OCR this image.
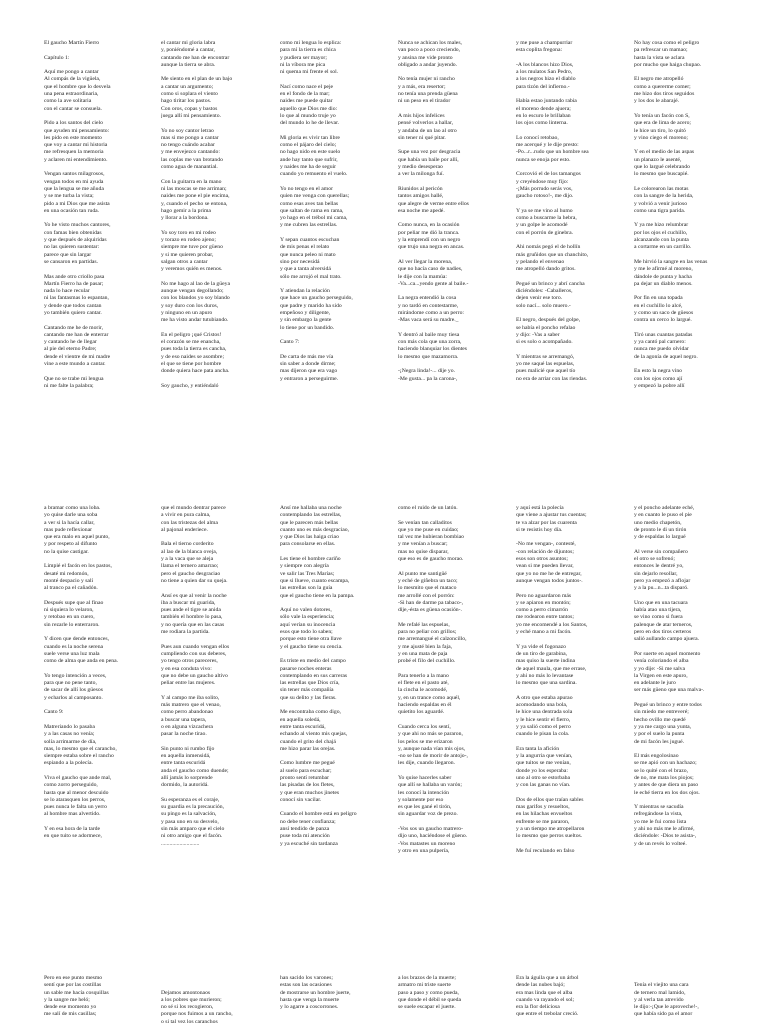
El gaucho Martín Fierro

Capítulo 1:

Aquí me pongo a cantar
Al compás de la vigüela,
que el hombre que lo desvela
una pena estraordinaria,
como la ave solitaria
con el cantar se consuela.

Pido a los santos del cielo
que ayuden mi pensamiento:
les pido en este momento
que voy a cantar mi historia
me refresquen la memoria
y aclaren mi entendimiento.

Vengan santos milagrosos,
vengan todos en mi ayuda
que la lengua se me añuda
y se me turba la vista;
pido a mi Dios que me asista
en una ocasión tan ruda.

Yo he visto muchos cantores,
con famas bien obtenidas
y que después de alquiridas
no las quieren sustentar:
parece que sin largar
se cansaron en partidas.

Mas ande otro criollo pasa
Martín Fierro ha de pasar;
nada lo hace recular
ni las fantasmas lo espantan,
y dende que todos cantan
yo también quiero cantar.

Cantando me he de morir,
cantando me han de enterrar
y cantando he de llegar
al pie del eterno Padre;
dende el vientre de mi madre
vine a este mundo a cantar.

Que no se trabe mi lengua
ni me falte la palabra;
el cantar mi gloria labra
y, poniéndomé a cantar,
cantando me han de encontrar
aunque la tierra se abra.

Me siento en el plan de un bajo
a cantar un argumento;
como si soplara el viento
hago tiritar los pastos.
Con oros, copas y bastos
juega allí mi pensamiento.

Yo no soy cantor letrao
mas si me pongo a cantar
no tengo cuándo acabar
y me envejezco cantando:
las coplas me van brotando
como agua de manantial.

Con la guitarra en la mano
ni las moscas se me arriman;
naides me pone el pie encima,
y, cuando el pecho se entona,
hago gemir a la prima
y llorar a la bordona.

Yo soy toro en mi rodeo
y torazo en rodeo ajeno;
siempre me tuve por güeno
y si me quieren probar,
salgan otros a cantar
y veremos quién es menos.

No me hago al lao de la güeya
aunque vengan degollando;
con los blandos yo soy blando
y soy duro con los duros,
y ninguno en un apuro
me ha visto andar tutubiando.

En el peligro ¡qué Cristos!
el corazón se me enancha,
pues toda la tierra es cancha,
y de eso naides se asombre;
el que se tiene por hombre
donde quiera hace pata ancha.

Soy gaucho, y entiéndaló
como mi lengua lo esplica:
para mí la tierra es chica
y pudiera ser mayor;
ni la víbora me pica
ni quema mi frente el sol.

Nací como nace el peje
en el fondo de la mar;
naides me puede quitar
aquello que Dios me dio:
lo que al mundo truje yo
del mundo lo he de llevar.

Mi gloria es vivir tan libre
como el pájaro del cielo;
no hago nido en este suelo
ande hay tanto que sufrir,
y naides me ha de seguir
cuando yo remuento el vuelo.

Yo no tengo en el amor
quien me venga con querellas;
como esas aves tan bellas
que saltan de rama en rama,
yo hago en el trébol mi cama,
y me cubren las estrellas.

Y sepan cuantos escuchan
de mis penas el relato
que nunca peleo ni mato
sino por necesidá
y que a tanta alversidá
sólo me arrojó el mal trato.

Y atiendan la relación
que hace un gaucho perseguido,
que padre y marido ha sido
empeñoso y diligente,
y sin embargo la gente
lo tiene por un bandido.

Canto 7:

De carta de más me vía
sin saber a donde dirme;
mas dijeron que era vago
y entraron a perseguirme.
Nunca se achican los males,
van poco a poco creciendo,
y ansina me vide pronto
obligado a andar juyendo.

No tenía mujer ni rancho
y a más, era resertor;
no tenía una prenda güena
ni un peso en el tirador

A mis hijos infelices
pensé volverlos a hallar,
y andaba de un lao al otro
sin tener ni qué pitar.

Supe una vez por desgracia
que había un baile por allí,
y medio desesperao
a ver la milonga fuí.

Riunidos al pericón
tantos amigos hallé,
que alegre de verme entre ellos
esa noche me apedé.

Como nunca, en la ocasión
por peliar me dió la tranca.
y la emprendí con un negro
que trujo una negra en ancas.

Al ver llegar la morena,
que no hacía caso de nadies,
le dije con la mamúa:
-Va...ca...yendo gente al baile.-

La negra entendió la cosa
y no tardó en contestarme,
mirándome como a un perro:
-Mas vaca será su madre._

Y dentró al baile muy tiesa
con más cola que una zorra,
haciendo blanquiar los dientes
lo mesmo que mazamorra.

-¡Negra linda!-... dije yo.
-Me gusta... pa la carona-,
y me puse a champurriar
esta coplita fregona:

-A los blancos hizo Dios,
a los mulatos San Pedro,
a los negros hizo el diablo
para tizón del infierno.-

Había estao juntando rabia
el moreno dende ajuera;
en lo escuro le brillaban
los ojos como linterna.

Lo conocí retobao,
me acerqué y le dije presto:
-Po...r...rudo que un hombre sea
nunca se enoja por esto.

Corcovió el de los tamangos
y creyéndose muy fijo:
-¡Más porrudo serás vos,
gaucho rotoso!-, me dijo.

Y ya se me vino al humo
como a buscarme la hebra,
y un golpe le acomodé
con el porrón de ginebra.

Ahi nomás pegó el de hollín
más gruñidos que un chanchito,
y pelando el envenao
me atropelló dando gritos.

Pegué un brinco y abrí cancha
diciéndoles: -Caballeros,
dejen venir ese toro.
solo nací... solo muero.-

El negro, después del golpe,
se había el poncho refalao
y dijo: -Vas a saber
si es solo o acompañado.

Y mientras se arremangó,
yo me saqué las espuelas,
pues malicié que aquel tío
no era de arriar con las riendas.
No hay cosa como el peligro
pa refrescar un mamao;
hasta la vista se aclara
por mucho que haiga chupao.

El negro me atropelló
como a quererme comer;
me hizo dos tiros seguidos
y los dos le abarajé.

Yo tenía un facón con S,
que era de lima de acero;
le hice un tiro, lo quitó
y vino ciego el moreno;

Y en el medio de las aspas
un planazo le asenté,
que lo largué celebrando
lo mesmo que buscapié.

Le colorearon las motas
con la sangre de la herida,
y volvió a venir jurioso
como una tigra parida.

Y ya me hizo relumbrar
por los ojos el cuchillo,
alcanzando con la punta
a cortarme en un carrillo.

Me hirvió la sangre en las venas
y me le afirmé al moreno,
dándole de punta y hacha
pa dejar un diablo menos.

Por fin en una topada
en el cuchillo lo alcé,
y como un saco de güesos
contra un cerco lo largué.

Tiró unas cuantas patadas
y ya cantó pal carnero:
nunca me puedo olvidar
de la agonía de aquel negro.

En esto la negra vino
con los ojos como ají
y empezó la pobre allí
a bramar como una loba.
yo quise darle una soba
a ver si la hacía callar,
mas pude reflexionar
que era malo en aquel punto,
y por respeto al difunto
no la quise castigar.

Limpié el facón en los pastos,
desaté mi redomón,
monté despacio y salí
al tranco pa el cañadón.

Después supe que al finao
ni siquiera lo velaron,
y retobao en un cuero,
sin rezarle lo enterraron.

Y dicen que dende entonces,
cuando es la noche serena
suele verse una luz mala
como de alma que anda en pena.

Yo tengo intención a veces,
para que no pene tanto,
de sacar de allí los güesos
y echarlos al camposanto.

Canto 9:

Matreriando lo pasaba
y a las casas no venía;
solía arrimarme de día,
mas, lo mesmo que el carancho,
siempre estaba sobre el rancho
espiando a la polecía.

Viva el gaucho que ande mal,
como zorro perseguido,
hasta que al menor descuido
se lo atarasquen los perros,
pues nunca le falta un yerro
al hombre mas alvertido.

Y en esa hora de la tarde
en que tuito se adormece,
que el mundo dentrar parece
a vivir en pura calma,
con las tristezas del alma
al pajonal enderiece.

Bala el tierno corderito
al lao de la blanca oveja,
y a la vaca que se aleja
llama el ternero amarrao;
pero el gaucho desgraciao
no tiene a quien dar su queja.

Ansí es que al venir la noche
iba a buscar mi guarida,
pues ande el tigre se anida
también el hombre lo pasa,
y no quería que en las casas
me rodiara la partida.

Pues aun cuando vengan ellos
cumpliendo con sus deberes,
yo tengo otros pareceres,
y en esa conduta vivo:
que no debe un gaucho altivo
peliar entre las mujeres.

Y al campo me iba solito,
más matrero que el venao,
como perro abandonao
a buscar una tapera,
o en alguna vizcachera
pasar la noche tirao.

Sin punto ni rumbo fijo
en aquella inmensidá,
entre tanta escuridá
anda el gaucho como duende;
allí jamás lo sorprende
dormido, la autoridá.

Su esperanza es el coraje,
su guardia es la precaución,
su pingo es la salvación,
y pasa uno en su desvelo,
sin más amparo que el cielo
ni otro amigo que el facón.
...........................
Ansí me hallaba una noche
contemplando las estrellas,
que le parecen más bellas
cuanto uno es más desgraciao,
y que Dios las haiga criao
para consolarse en ellas.

Les tiene el hombre cariño
y siempre con alegría
ve salir las Tres Marías;
que si llueve, cuanto escampa,
las estrellas son la guía
que el gaucho tiene en la pampa.

Aquí no valen dotores,
sólo vale la esperiencia;
aquí verían su inocencia
esos que todo lo saben;
porque esto tiene otra llave
y el gaucho tiene su cencia.

Es triste en medio del campo
pasarse noches enteras
contemplando en sus carreras
las estrellas que Dios cría,
sin tener más compañía
que su delito y las fieras.

Me encontraba como digo,
en aquella soledá,
entre tanta escuridá,
echando al viento mis quejas,
cuando el grito del chajá
me hizo parar las orejas.

Como lumbre me pegué
al suelo para escuchar;
pronto sentí retumbar
las pisadas de los fletes,
y que eran muchos jinetes
conocí sin vacilar.

Cuando el hombre está en peligro
no debe tener confianza;
ansí tendido de panza
puse toda mi atención
y ya escuché sin tardanza
como el ruido de un latón.

Se venían tan calladitos
que yo me puse en cuidao;
tal vez me hubieran bombiao
y me venían a buscar;
mas no quise disparar,
que eso es de gaucho morao.

Al punto me santigüé
y eché de giñebra un taco;
lo mesmito que el mataco
me arrollé con el porrón:
-Si han de darme pa tabaco-,
dije,-ésta es güena ocasión-.

Me refalé las espuelas,
para no peliar con grillos;
me arremangué el calzoncillo,
y me ajusté bien la faja,
y en una mata de paja
probé el filo del cuchillo.

Para tenerlo a la mano
el flete en el pasto até,
la cincha le acomodé,
y, en un trance como aquél,
haciendo espaldas en él
quietito los aguardé.

Cuando cerca los sentí,
y que ahi no más se pararon,
los pelos se me erizaron
y, aunque nada vían mis ojos,
-no se han de morir de antojo-,
les dije, cuando llegaron.

Yo quise hacerles saber
que allí se hallaba un varón;
les conocí la intención
y solamente por eso
es que les gané el tirón,
sin aguardar voz de prezo.

-Vos sos un gaucho matrero-
dijo uno, haciéndose el güeno.
-Vos matastes un moreno
y otro en una pulpería,
y aquí está la polecía
que viene a ajustar tus cuentas;
te va alzar por las cuarenta
si te resistis hoy día.

-No me vengan-, contesté,
-con relación de dijuntos;
esos son otros asuntos;
vean si me pueden llevar,
que yo no me he de entregar,
aunque vengan todos juntos-.

Pero no aguardaron más
y se apiaron en montón;
como a perro cimarrón
me rodearon entre tantos;
yo me encomendé a los Santos,
y eché mano a mi facón.

Y ya vide el fogonazo
de un tiro de garabina,
mas quiso la suerte indina
de aquel maula, que me errase,
y ahi no más lo levantase
lo mesmo que una sardina.

A otro que estaba apurao
acomodando una bola,
le hice una dentrada sola
y le hice sentir el fierro,
y ya salió como el perro
cuando le pisan la cola.

Era tanta la afición
y la angurria que venían,
que tuitos se me venían,
donde yo los esperaba:
uno al otro se estorbaba
y con las ganas no vían.

Dos de ellos que traían sables
mas garifos y resueltos,
en las hilachas envueltos
enfrente se me pararon,
y a un tiempo me atropellaron
lo mesmo que perros sueltos.

Me fuí reculando en falso
y el poncho adelante eché,
y en cuanto le puso el pie
uno medio chapetón,
de pronto le di un tirón
y de espaldas lo largué

Al verse sin compañero
el otro se sofrenó;
entonces le dentré yo,
sin dejarlo resollar,
pero ya empezó a aflojar
y a la pu...n...ta disparó.

Uno que en una tacuara
había atao una tijera,
se vino como si fuera
palenque de atar terneros,
pero en dos tiros certeros
salió aullando campo ajuera.

Por suerte en aquel momento
venía coloriando el alba
y yo dije: -Si me salva
la Virgen en este apuro,
en adelante le juro
ser más güeno que una malva-.

Pegué un brinco y entre todos
sin miedo me entreveré;
hecho ovillo me quedé
y ya me cargo una yunta,
y por el suelo la punta
de mi facón les jugué.

El más engolosinao
se me apió con un hachazo;
se lo quité con el brazo,
de no, me mata los piojos;
y antes de que diera un paso
le eché tierra en los dos ojos.

Y mientras se sacudía
refregándose la vista,
yo me le fui como lista
y ahi no más me le afirmé,
diciéndole: -Dios te asista-,
y de un revés lo volteé.
Pero en ese punto mesmo
sentí que por las costillas
un sable me hacía cosquillas
y la sangre me heló;
dende ese momento yo
me salí de mis casillas;

Dejamos amontonaos
a los pobres que murieron;
no sé si los recogieron,
porque nos fuimos a un rancho,
o si tal vez los caranchos
han sacido los varones;
estas son las ocasiones
de mostrarse un hombre juerte,
hasta que venga la muerte
y lo agarre a coscorrones.
a los brazos de la muerte;
armatro mi triste suerte
paso a paso y como pueda,
que donde el débil se queda
se suele escapar el juerte.
Era la águila que a un árbol
dende las nubes bajó;
era mas linda que el alba
cuando va rayando el sol;
era la flor deliciosa
que entre el trebolar creció.

Tenía el viejito una cara
de ternero mal lamido,
y al verla tan atrevido
le dijo:-¡Que le aproveche!-,
que había sido pa el amor
